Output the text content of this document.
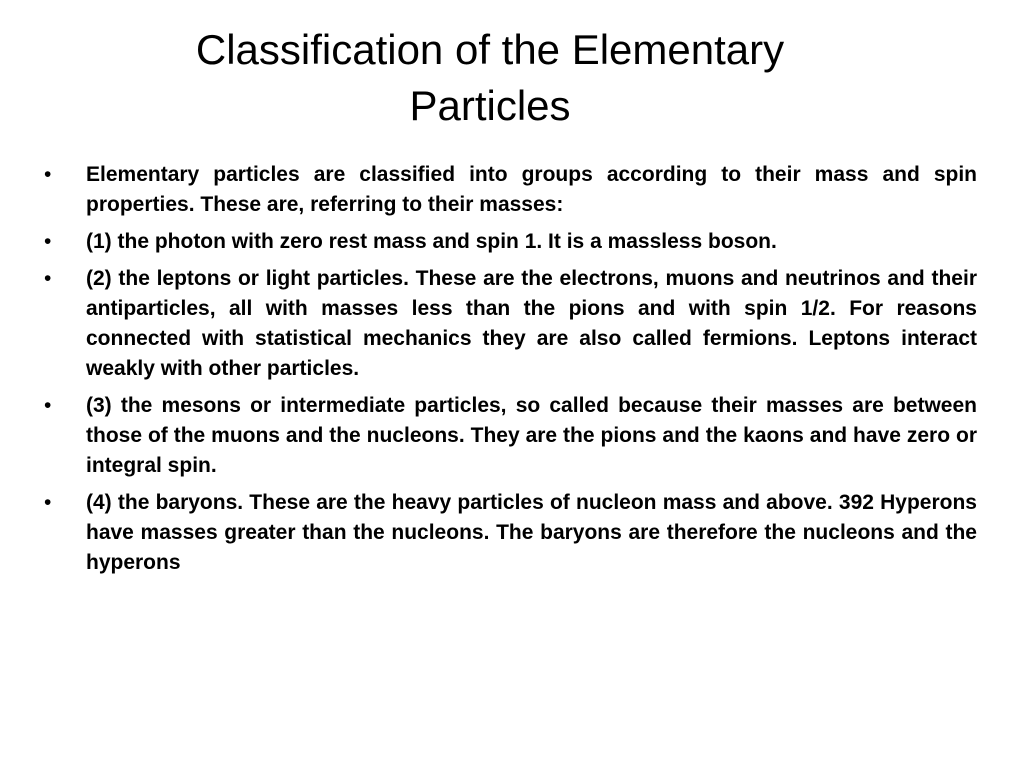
Classification of the Elementary Particles
•	Elementary particles are classified into groups according to their mass and spin properties. These are, referring to their masses:
•	(1) the photon with zero rest mass and spin 1. It is a massless boson.
•	(2) the leptons or light particles. These are the electrons, muons and neutrinos and their antiparticles, all with masses less than the pions and with spin 1/2. For reasons connected with statistical mechanics they are also called fermions. Leptons interact weakly with other particles.
•	(3) the mesons or intermediate particles, so called because their masses are between those of the muons and the nucleons. They are the pions and the kaons and have zero or integral spin.
•	(4) the baryons. These are the heavy particles of nucleon mass and above. 392 Hyperons have masses greater than the nucleons. The baryons are therefore the nucleons and the hyperons
